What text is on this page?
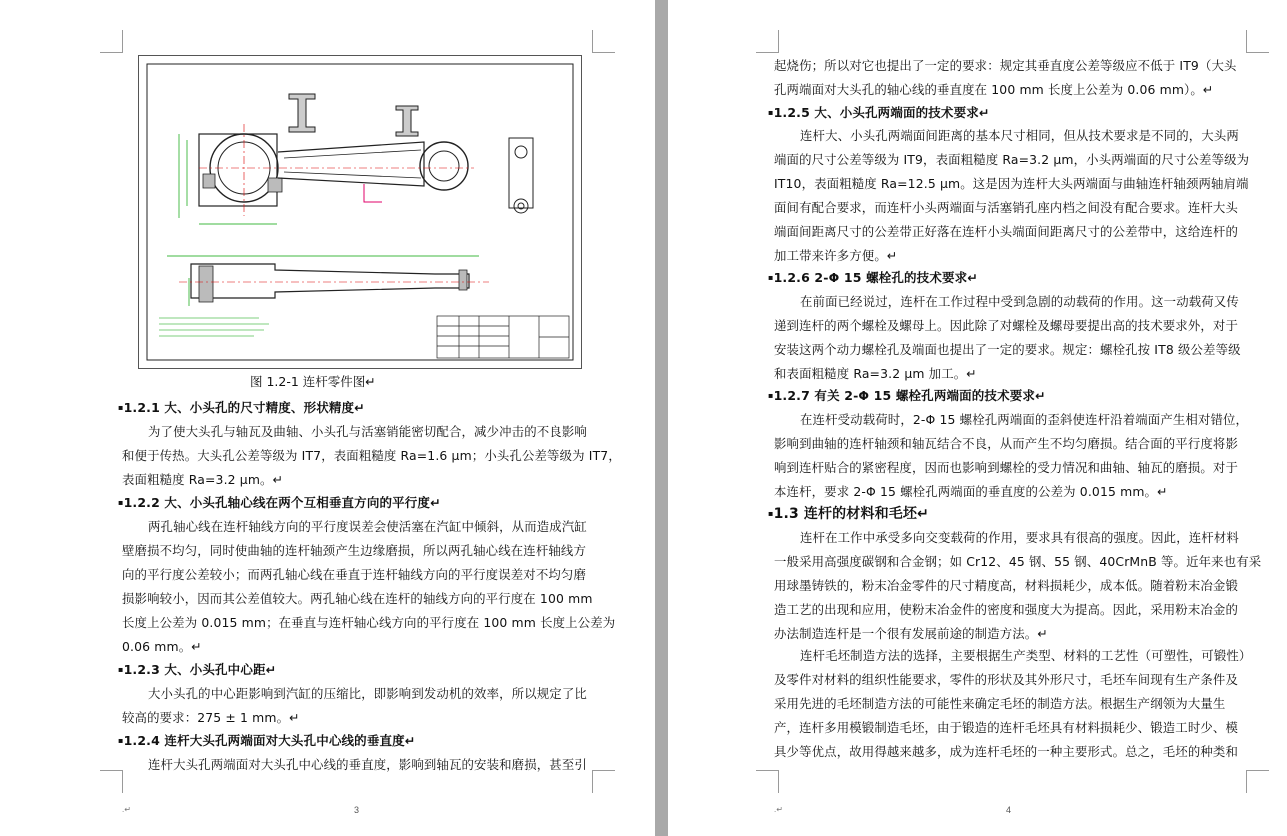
图 1.2-1 连杆零件图↵
▪1.2.1 大、小头孔的尺寸精度、形状精度↵
为了使大头孔与轴瓦及曲轴、小头孔与活塞销能密切配合，减少冲击的不良影响
和便于传热。大头孔公差等级为 IT7，表面粗糙度 Ra=1.6 μm；小头孔公差等级为 IT7，
表面粗糙度 Ra=3.2 μm。↵
▪1.2.2 大、小头孔轴心线在两个互相垂直方向的平行度↵
两孔轴心线在连杆轴线方向的平行度误差会使活塞在汽缸中倾斜，从而造成汽缸
壁磨损不均匀，同时使曲轴的连杆轴颈产生边缘磨损，所以两孔轴心线在连杆轴线方
向的平行度公差较小；而两孔轴心线在垂直于连杆轴线方向的平行度误差对不均匀磨
损影响较小，因而其公差值较大。两孔轴心线在连杆的轴线方向的平行度在 100 mm
长度上公差为 0.015 mm；在垂直与连杆轴心线方向的平行度在 100 mm 长度上公差为
0.06 mm。↵
▪1.2.3 大、小头孔中心距↵
大小头孔的中心距影响到汽缸的压缩比，即影响到发动机的效率，所以规定了比
较高的要求：275 ± 1 mm。↵
▪1.2.4 连杆大头孔两端面对大头孔中心线的垂直度↵
连杆大头孔两端面对大头孔中心线的垂直度，影响到轴瓦的安装和磨损，甚至引
.↵	3
起烧伤；所以对它也提出了一定的要求：规定其垂直度公差等级应不低于 IT9（大头
孔两端面对大头孔的轴心线的垂直度在 100 mm 长度上公差为 0.06 mm）。↵
▪1.2.5 大、小头孔两端面的技术要求↵
连杆大、小头孔两端面间距离的基本尺寸相同，但从技术要求是不同的，大头两
端面的尺寸公差等级为 IT9，表面粗糙度 Ra=3.2 μm，小头两端面的尺寸公差等级为
IT10，表面粗糙度 Ra=12.5 μm。这是因为连杆大头两端面与曲轴连杆轴颈两轴肩端
面间有配合要求，而连杆小头两端面与活塞销孔座内档之间没有配合要求。连杆大头
端面间距离尺寸的公差带正好落在连杆小头端面间距离尺寸的公差带中，这给连杆的
加工带来许多方便。↵
▪1.2.6 2-Φ 15 螺栓孔的技术要求↵
在前面已经说过，连杆在工作过程中受到急剧的动载荷的作用。这一动载荷又传
递到连杆的两个螺栓及螺母上。因此除了对螺栓及螺母要提出高的技术要求外，对于
安装这两个动力螺栓孔及端面也提出了一定的要求。规定：螺栓孔按 IT8 级公差等级
和表面粗糙度 Ra=3.2 μm 加工。↵
▪1.2.7 有关 2-Φ 15 螺栓孔两端面的技术要求↵
在连杆受动载荷时，2-Φ 15 螺栓孔两端面的歪斜使连杆沿着端面产生相对错位，
影响到曲轴的连杆轴颈和轴瓦结合不良，从而产生不均匀磨损。结合面的平行度将影
响到连杆贴合的紧密程度，因而也影响到螺栓的受力情况和曲轴、轴瓦的磨损。对于
本连杆，要求 2-Φ 15 螺栓孔两端面的垂直度的公差为 0.015 mm。↵
▪1.3 连杆的材料和毛坯↵
连杆在工作中承受多向交变载荷的作用，要求具有很高的强度。因此，连杆材料
一般采用高强度碳钢和合金钢；如 Cr12、45 钢、55 钢、40CrMnB 等。近年来也有采
用球墨铸铁的，粉末冶金零件的尺寸精度高，材料损耗少，成本低。随着粉末冶金锻
造工艺的出现和应用，使粉末冶金件的密度和强度大为提高。因此，采用粉末冶金的
办法制造连杆是一个很有发展前途的制造方法。↵
连杆毛坯制造方法的选择，主要根据生产类型、材料的工艺性（可塑性，可锻性）
及零件对材料的组织性能要求，零件的形状及其外形尺寸，毛坯车间现有生产条件及
采用先进的毛坯制造方法的可能性来确定毛坯的制造方法。根据生产纲领为大量生
产，连杆多用模锻制造毛坯，由于锻造的连杆毛坯具有材料损耗少、锻造工时少、模
具少等优点，故用得越来越多，成为连杆毛坯的一种主要形式。总之，毛坯的种类和
.↵	4
